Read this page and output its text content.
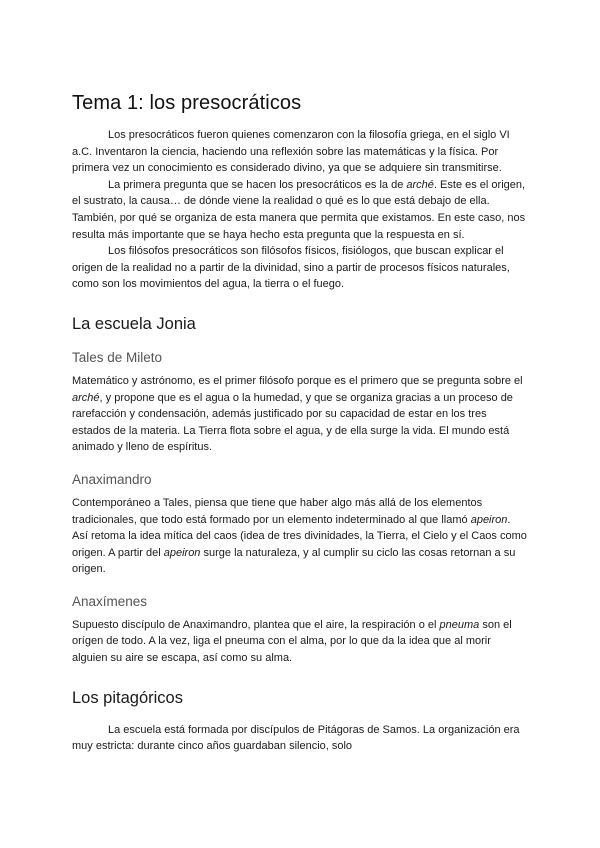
Tema 1: los presocráticos

Los presocráticos fueron quienes comenzaron con la filosofía griega, en el siglo VI a.C. Inventaron la ciencia, haciendo una reflexión sobre las matemáticas y la física. Por primera vez un conocimiento es considerado divino, ya que se adquiere sin transmitirse.

La primera pregunta que se hacen los presocráticos es la de arché. Este es el origen, el sustrato, la causa… de dónde viene la realidad o qué es lo que está debajo de ella. También, por qué se organiza de esta manera que permita que existamos. En este caso, nos resulta más importante que se haya hecho esta pregunta que la respuesta en sí.

Los filósofos presocráticos son filósofos físicos, fisiólogos, que buscan explicar el origen de la realidad no a partir de la divinidad, sino a partir de procesos físicos naturales, como son los movimientos del agua, la tierra o el fuego.

La escuela Jonia
Tales de Mileto

Matemático y astrónomo, es el primer filósofo porque es el primero que se pregunta sobre el arché, y propone que es el agua o la humedad, y que se organiza gracias a un proceso de rarefacción y condensación, además justificado por su capacidad de estar en los tres estados de la materia. La Tierra flota sobre el agua, y de ella surge la vida. El mundo está animado y lleno de espíritus.

Anaximandro

Contemporáneo a Tales, piensa que tiene que haber algo más allá de los elementos tradicionales, que todo está formado por un elemento indeterminado al que llamó apeiron. Así retoma la idea mítica del caos (idea de tres divinidades, la Tierra, el Cielo y el Caos como origen. A partir del apeiron surge la naturaleza, y al cumplir su ciclo las cosas retornan a su origen.

Anaxímenes

Supuesto discípulo de Anaximandro, plantea que el aire, la respiración o el pneuma son el orígen de todo. A la vez, liga el pneuma con el alma, por lo que da la idea que al morir alguien su aire se escapa, así como su alma.

Los pitagóricos

La escuela está formada por discípulos de Pitágoras de Samos. La organización era muy estricta: durante cinco años guardaban silencio, solo
